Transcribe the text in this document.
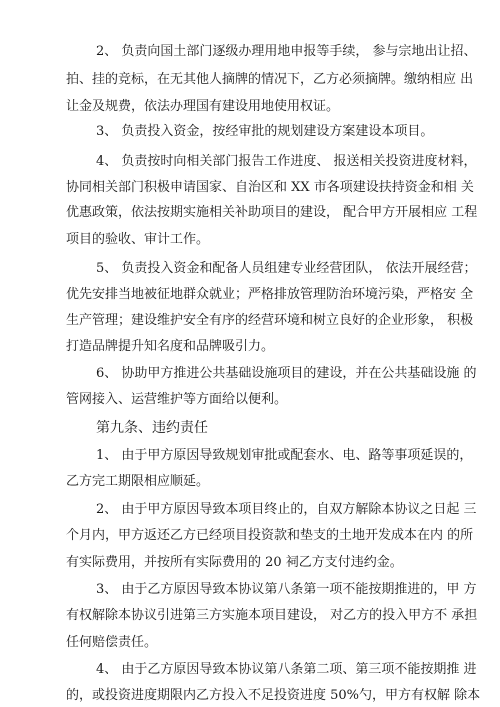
2、 负责向国土部门逐级办理用地申报等手续， 参与宗地出让招、
拍、挂的竞标，在无其他人摘牌的情况下，乙方必须摘牌。缴纳相应 出
让金及规费，依法办理国有建设用地使用权证。
3、 负责投入资金，按经审批的规划建设方案建设本项目。
4、 负责按时向相关部门报告工作进度、 报送相关投资进度材料，
协同相关部门积极申请国家、自治区和 XX 市各项建设扶持资金和相 关
优惠政策，依法按期实施相关补助项目的建设， 配合甲方开展相应 工程
项目的验收、审计工作。
5、 负责投入资金和配备人员组建专业经营团队， 依法开展经营；
优先安排当地被征地群众就业；严格排放管理防治环境污染，严格安 全
生产管理；建设维护安全有序的经营环境和树立良好的企业形象， 积极
打造品牌提升知名度和品牌吸引力。
6、 协助甲方推进公共基础设施项目的建设，并在公共基础设施 的
管网接入、运营维护等方面给以便利。
第九条、违约责任
1、 由于甲方原因导致规划审批或配套水、电、路等事项延误的，
乙方完工期限相应顺延。
2、 由于甲方原因导致本项目终止的，自双方解除本协议之日起 三
个月内，甲方返还乙方已经项目投资款和垫支的土地开发成本在内 的所
有实际费用，并按所有实际费用的 20 祠乙方支付违约金。
3、 由于乙方原因导致本协议第八条第一项不能按期推进的，甲 方
有权解除本协议引进第三方实施本项目建设， 对乙方的投入甲方不 承担
任何赔偿责任。
4、 由于乙方原因导致本协议第八条第二项、第三项不能按期推 进
的，或投资进度期限内乙方投入不足投资进度 50%勺，甲方有权解 除本
